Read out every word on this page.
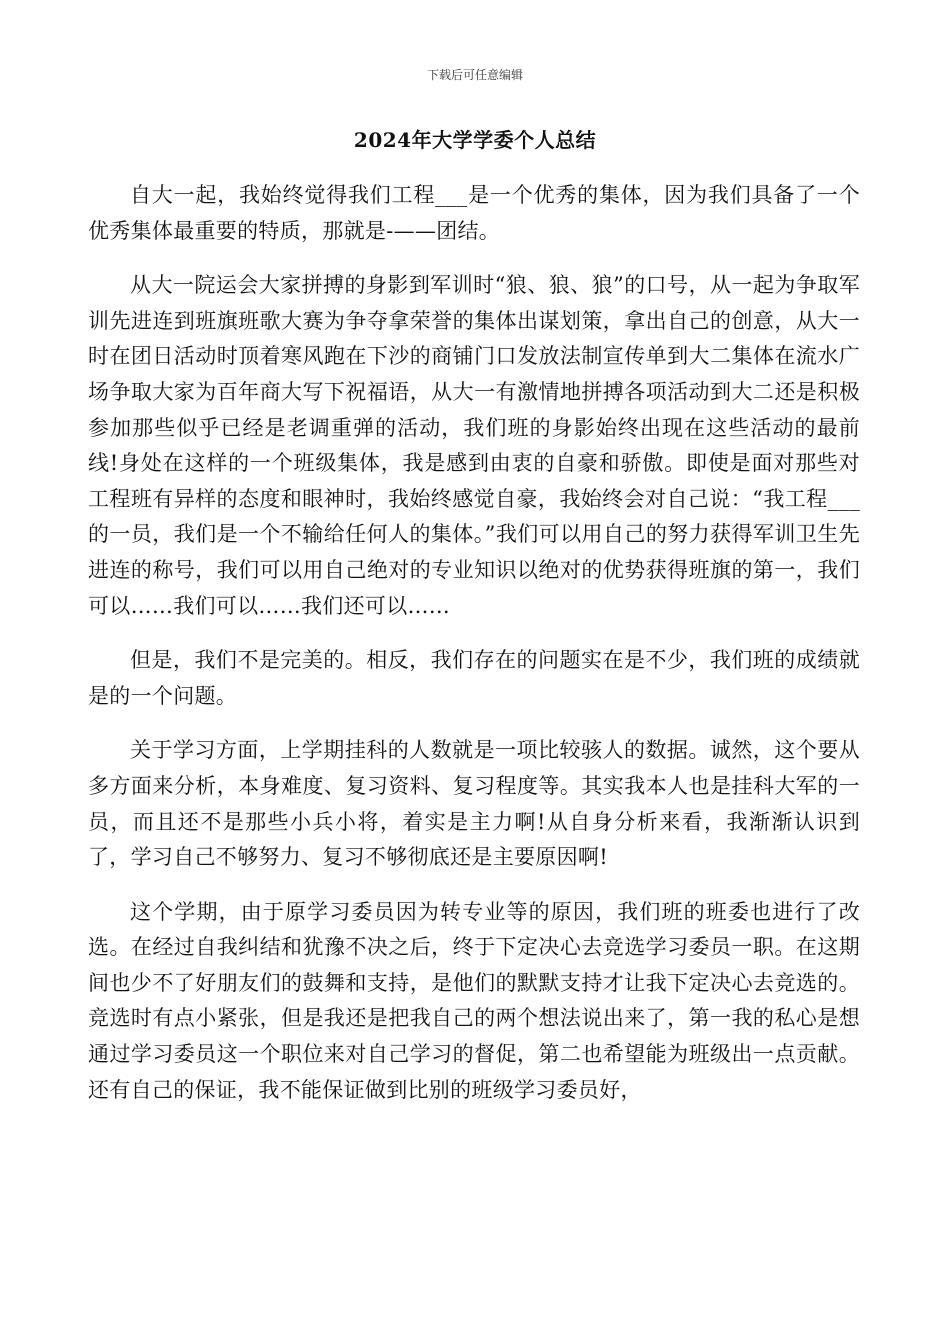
下载后可任意编辑
2024年大学学委个人总结

自大一起，我始终觉得我们工程___是一个优秀的集体，因为我们具备了一个优秀集体最重要的特质，那就是-——团结。

从大一院运会大家拼搏的身影到军训时“狼、狼、狼”的口号，从一起为争取军训先进连到班旗班歌大赛为争夺拿荣誉的集体出谋划策，拿出自己的创意，从大一时在团日活动时顶着寒风跑在下沙的商铺门口发放法制宣传单到大二集体在流水广场争取大家为百年商大写下祝福语，从大一有激情地拼搏各项活动到大二还是积极参加那些似乎已经是老调重弹的活动，我们班的身影始终出现在这些活动的最前线!身处在这样的一个班级集体，我是感到由衷的自豪和骄傲。即使是面对那些对工程班有异样的态度和眼神时，我始终感觉自豪，我始终会对自己说：“我工程___的一员，我们是一个不输给任何人的集体。”我们可以用自己的努力获得军训卫生先进连的称号，我们可以用自己绝对的专业知识以绝对的优势获得班旗的第一，我们可以……我们可以……我们还可以……

但是，我们不是完美的。相反，我们存在的问题实在是不少，我们班的成绩就是的一个问题。

关于学习方面，上学期挂科的人数就是一项比较骇人的数据。诚然，这个要从多方面来分析，本身难度、复习资料、复习程度等。其实我本人也是挂科大军的一员，而且还不是那些小兵小将，着实是主力啊!从自身分析来看，我渐渐认识到了，学习自己不够努力、复习不够彻底还是主要原因啊!

这个学期，由于原学习委员因为转专业等的原因，我们班的班委也进行了改选。在经过自我纠结和犹豫不决之后，终于下定决心去竞选学习委员一职。在这期间也少不了好朋友们的鼓舞和支持，是他们的默默支持才让我下定决心去竞选的。竞选时有点小紧张，但是我还是把我自己的两个想法说出来了，第一我的私心是想通过学习委员这一个职位来对自己学习的督促，第二也希望能为班级出一点贡献。还有自己的保证，我不能保证做到比别的班级学习委员好，
